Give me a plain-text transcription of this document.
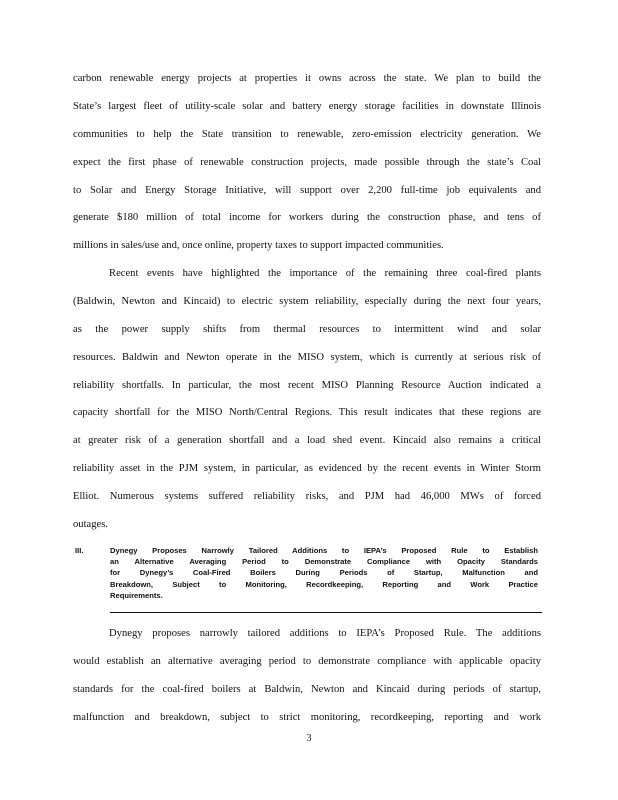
carbon renewable energy projects at properties it owns across the state. We plan to build the
State’s largest fleet of utility-scale solar and battery energy storage facilities in downstate Illinois
communities to help the State transition to renewable, zero-emission electricity generation. We
expect the first phase of renewable construction projects, made possible through the state’s Coal
to Solar and Energy Storage Initiative, will support over 2,200 full-time job equivalents and
generate $180 million of total income for workers during the construction phase, and tens of
millions in sales/use and, once online, property taxes to support impacted communities.
Recent events have highlighted the importance of the remaining three coal-fired plants
(Baldwin, Newton and Kincaid) to electric system reliability, especially during the next four years,
as the power supply shifts from thermal resources to intermittent wind and solar
resources. Baldwin and Newton operate in the MISO system, which is currently at serious risk of
reliability shortfalls. In particular, the most recent MISO Planning Resource Auction indicated a
capacity shortfall for the MISO North/Central Regions. This result indicates that these regions are
at greater risk of a generation shortfall and a load shed event. Kincaid also remains a critical
reliability asset in the PJM system, in particular, as evidenced by the recent events in Winter Storm
Elliot. Numerous systems suffered reliability risks, and PJM had 46,000 MWs of forced
outages.
III.	Dynegy Proposes Narrowly Tailored Additions to IEPA’s Proposed Rule to Establish
an Alternative Averaging Period to Demonstrate Compliance with Opacity Standards
for Dynegy’s Coal-Fired Boilers During Periods of Startup, Malfunction and
Breakdown, Subject to Monitoring, Recordkeeping, Reporting and Work Practice
Requirements.
Dynegy proposes narrowly tailored additions to IEPA’s Proposed Rule. The additions
would establish an alternative averaging period to demonstrate compliance with applicable opacity
standards for the coal-fired boilers at Baldwin, Newton and Kincaid during periods of startup,
malfunction and breakdown, subject to strict monitoring, recordkeeping, reporting and work
3
